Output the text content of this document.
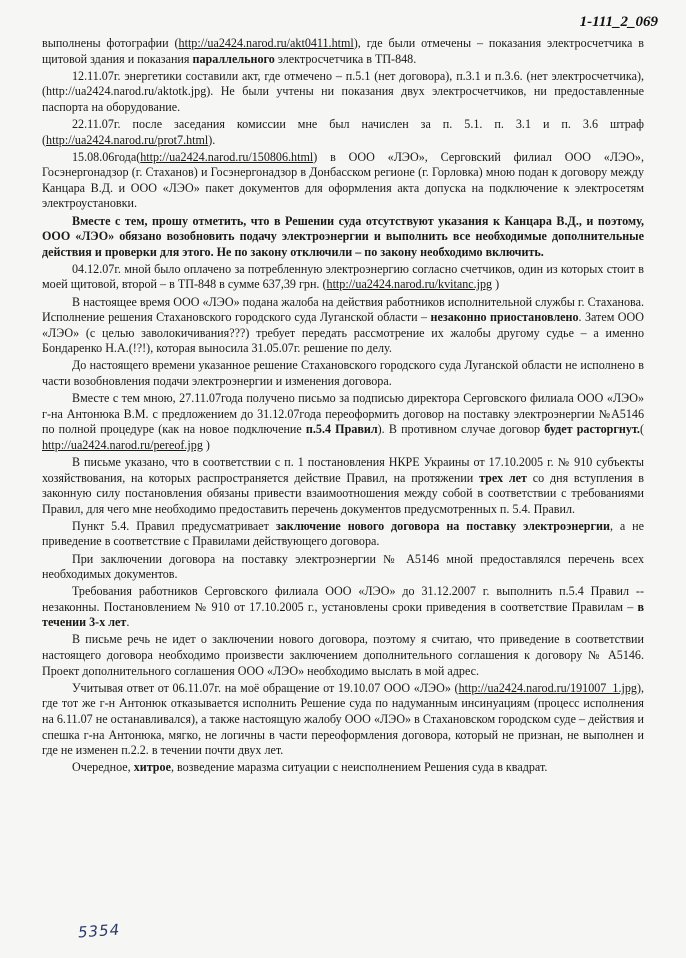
1-111_2_069

выполнены фотографии (http://ua2424.narod.ru/akt0411.html), где были отмечены – показания электросчетчика в щитовой здания и показания параллельного электросчетчика в ТП-848.

12.11.07г. энергетики составили акт, где отмечено – п.5.1 (нет договора), п.3.1 и п.3.6. (нет электросчетчика), (http://ua2424.narod.ru/aktotk.jpg). Не были учтены ни показания двух электросчетчиков, ни предоставленные паспорта на оборудование.

22.11.07г. после заседания комиссии мне был начислен за п. 5.1. п. 3.1 и п. 3.6 штраф (http://ua2424.narod.ru/prot7.html).

15.08.06года(http://ua2424.narod.ru/150806.html) в ООО «ЛЭО», Серговский филиал ООО «ЛЭО», Госэнергонадзор (г. Стаханов) и Госэнергонадзор в Донбасском регионе (г. Горловка) мною подан к договору между Канцара В.Д. и ООО «ЛЭО» пакет документов для оформления акта допуска на подключение к электросетям электроустановки.

Вместе с тем, прошу отметить, что в Решении суда отсутствуют указания к Канцара В.Д., и поэтому, ООО «ЛЭО» обязано возобновить подачу электроэнергии и выполнить все необходимые дополнительные действия и проверки для этого. Не по закону отключили – по закону необходимо включить.

04.12.07г. мной было оплачено за потребленную электроэнергию согласно счетчиков, один из которых стоит в моей щитовой, второй – в ТП-848 в сумме 637,39 грн. (http://ua2424.narod.ru/kvitanc.jpg )

В настоящее время ООО «ЛЭО» подана жалоба на действия работников исполнительной службы г. Стаханова. Исполнение решения Стахановского городского суда Луганской области – незаконно приостановлено. Затем ООО «ЛЭО» (с целью заволокичивания???) требует передать рассмотрение их жалобы другому судье – а именно Бондаренко Н.А.(!?!), которая выносила 31.05.07г. решение по делу.

До настоящего времени указанное решение Стахановского городского суда Луганской области не исполнено в части возобновления подачи электроэнергии и изменения договора.

Вместе с тем мною, 27.11.07года получено письмо за подписью директора Серговского филиала ООО «ЛЭО» г-на Антонюка В.М. с предложением до 31.12.07года переоформить договор на поставку электроэнергии №А5146 по полной процедуре (как на новое подключение п.5.4 Правил). В противном случае договор будет расторгнут.( http://ua2424.narod.ru/pereof.jpg )

В письме указано, что в соответствии с п. 1 постановления НКРЕ Украины от 17.10.2005 г. № 910 субъекты хозяйствования, на которых распространяется действие Правил, на протяжении трех лет со дня вступления в законную силу постановления обязаны привести взаимоотношения между собой в соответствии с требованиями Правил, для чего мне необходимо предоставить перечень документов предусмотренных п. 5.4. Правил.

Пункт 5.4. Правил предусматривает заключение нового договора на поставку электроэнергии, а не приведение в соответствие с Правилами действующего договора.

При заключении договора на поставку электроэнергии № А5146 мной предоставлялся перечень всех необходимых документов.

Требования работников Серговского филиала ООО «ЛЭО» до 31.12.2007 г. выполнить п.5.4 Правил -- незаконны. Постановлением № 910 от 17.10.2005 г., установлены сроки приведения в соответствие Правилам – в течении 3-х лет.

В письме речь не идет о заключении нового договора, поэтому я считаю, что приведение в соответствии настоящего договора необходимо произвести заключением дополнительного соглашения к договору № А5146. Проект дополнительного соглашения ООО «ЛЭО» необходимо выслать в мой адрес.

Учитывая ответ от 06.11.07г. на моё обращение от 19.10.07 ООО «ЛЭО» (http://ua2424.narod.ru/191007_1.jpg), где тот же г-н Антонюк отказывается исполнить Решение суда по надуманным инсинуациям (процесс исполнения на 6.11.07 не останавливался), а также настоящую жалобу ООО «ЛЭО» в Стахановском городском суде – действия и спешка г-на Антонюка, мягко, не логичны в части переоформления договора, который не признан, не выполнен и где не изменен п.2.2. в течении почти двух лет.

Очередное, хитрое, возведение маразма ситуации с неисполнением Решения суда в квадрат.

5354
